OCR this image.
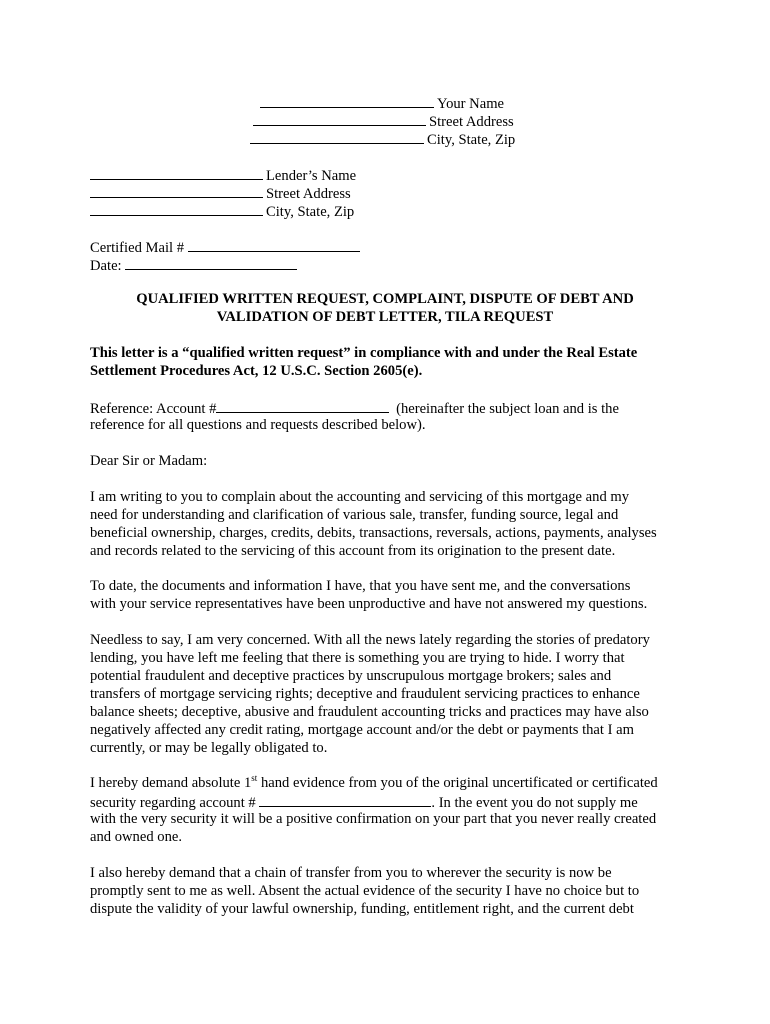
Your Name
Street Address
City, State, Zip
Lender’s Name
Street Address
City, State, Zip
Certified Mail #
Date:
QUALIFIED WRITTEN REQUEST, COMPLAINT, DISPUTE OF DEBT AND
VALIDATION OF DEBT LETTER, TILA REQUEST
This letter is a “qualified written request” in compliance with and under the Real Estate
Settlement Procedures Act, 12 U.S.C. Section 2605(e).
Reference: Account #	(hereinafter the subject loan and is the
reference for all questions and requests described below).
Dear Sir or Madam:
I am writing to you to complain about the accounting and servicing of this mortgage and my
need for understanding and clarification of various sale, transfer, funding source, legal and
beneficial ownership, charges, credits, debits, transactions, reversals, actions, payments, analyses
and records related to the servicing of this account from its origination to the present date.
To date, the documents and information I have, that you have sent me, and the conversations
with your service representatives have been unproductive and have not answered my questions.
Needless to say, I am very concerned. With all the news lately regarding the stories of predatory
lending, you have left me feeling that there is something you are trying to hide. I worry that
potential fraudulent and deceptive practices by unscrupulous mortgage brokers; sales and
transfers of mortgage servicing rights; deceptive and fraudulent servicing practices to enhance
balance sheets; deceptive, abusive and fraudulent accounting tricks and practices may have also
negatively affected any credit rating, mortgage account and/or the debt or payments that I am
currently, or may be legally obligated to.
I hereby demand absolute 1st hand evidence from you of the original uncertificated or certificated
security regarding account #	. In the event you do not supply me
with the very security it will be a positive confirmation on your part that you never really created
and owned one.
I also hereby demand that a chain of transfer from you to wherever the security is now be
promptly sent to me as well. Absent the actual evidence of the security I have no choice but to
dispute the validity of your lawful ownership, funding, entitlement right, and the current debt
